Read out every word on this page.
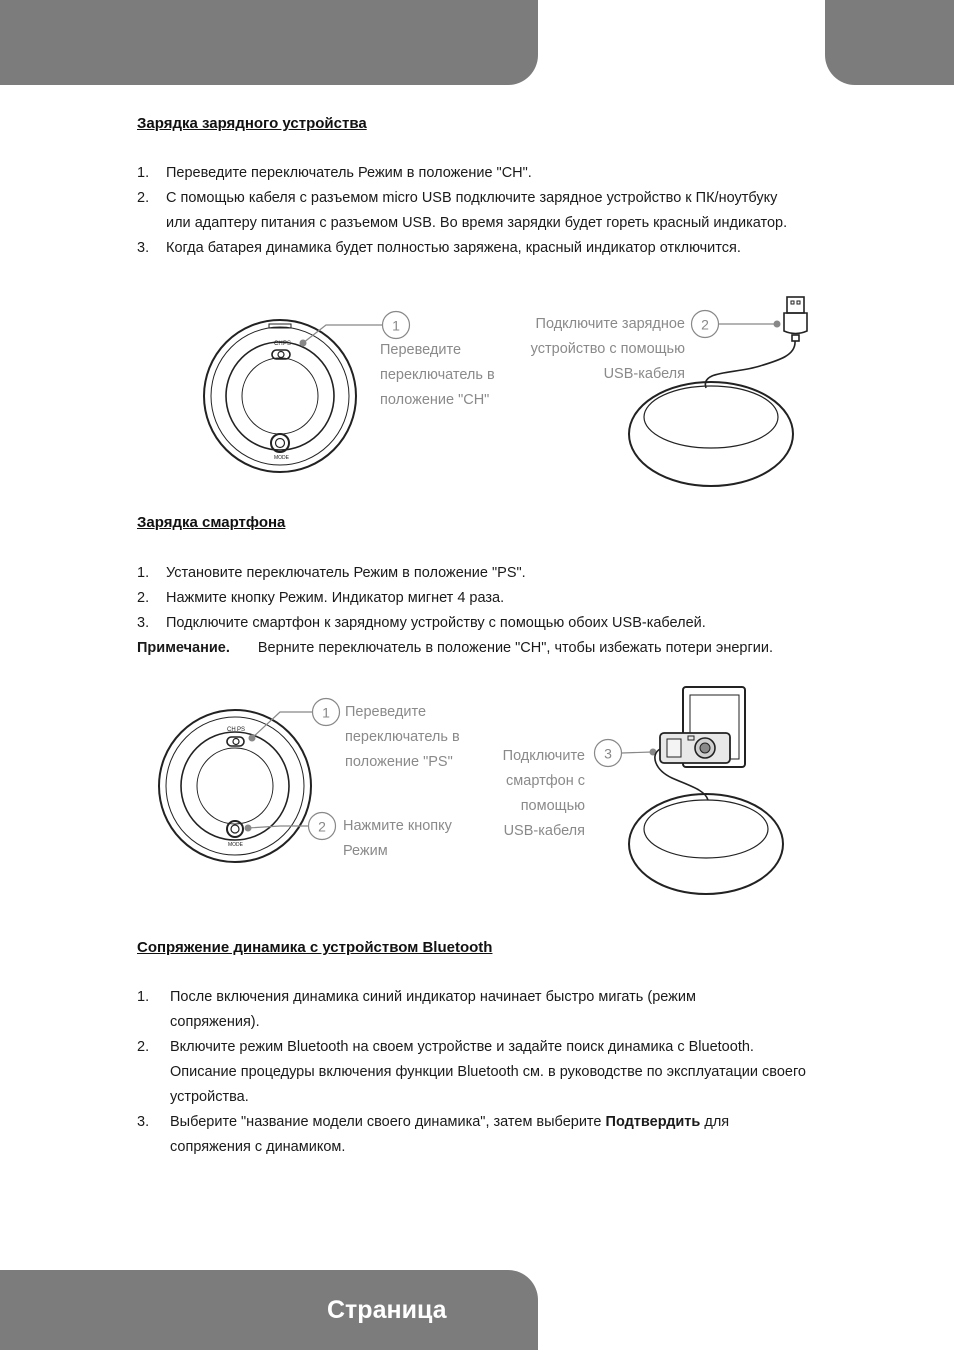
Страница
Зарядка зарядного устройства
1. Переведите переключатель Режим в положение "СН".
2. С помощью кабеля с разъемом micro USB подключите зарядное устройство к ПК/ноутбуку или адаптеру питания с разъемом USB. Во время зарядки будет гореть красный индикатор.
3. Когда батарея динамика будет полностью заряжена, красный индикатор отключится.
CH PS
MODE
1	2
Переведите переключатель в положение "СН"
Подключите зарядное устройство с помощью USB-кабеля
Зарядка смартфона
1. Установите переключатель Режим в положение "PS".
2. Нажмите кнопку Режим. Индикатор мигнет 4 раза.
3. Подключите смартфон к зарядному устройству с помощью обоих USB-кабелей.
Примечание. Верните переключатель в положение "СН", чтобы избежать потери энергии.
CH PS
MODE
1
2
3
Переведите переключатель в положение "PS"
Нажмите кнопку Режим
Подключите смартфон с помощью USB-кабеля
Сопряжение динамика с устройством Bluetooth
1. После включения динамика синий индикатор начинает быстро мигать (режим сопряжения).
2. Включите режим Bluetooth на своем устройстве и задайте поиск динамика с Bluetooth. Описание процедуры включения функции Bluetooth см. в руководстве по эксплуатации своего устройства.
3. Выберите "название модели своего динамика", затем выберите Подтвердить для сопряжения с динамиком.
